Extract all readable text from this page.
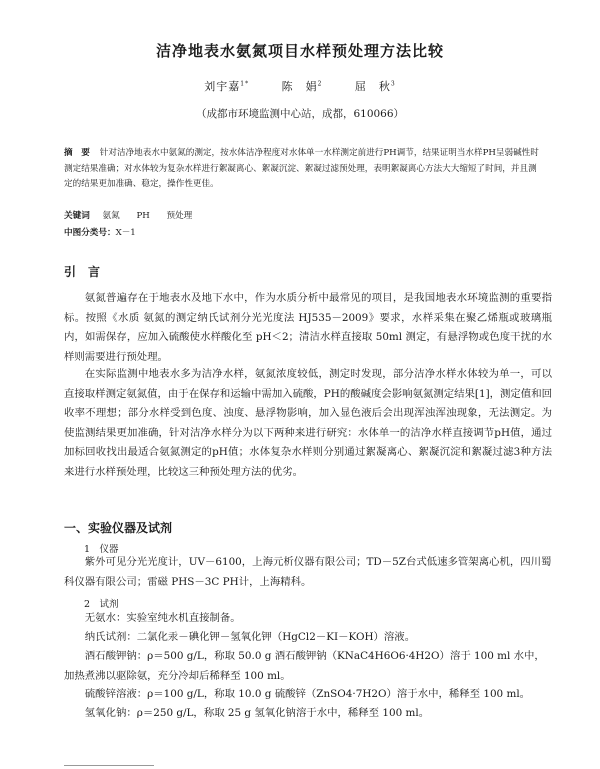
洁净地表水氨氮项目水样预处理方法比较
刘宇嘉$^{1*}$	陈　娟$^2$	屈　秋$^3$
（成都市环境监测中心站，成都，610066）
摘　要 针对洁净地表水中氨氮的测定，按水体洁净程度对水体单一水样测定前进行PH调节，结果证明当水样PH呈弱碱性时测定结果准确；对水体较为复杂水样进行絮凝离心、絮凝沉淀、絮凝过滤预处理，表明絮凝离心方法大大缩短了时间，并且测定的结果更加准确、稳定，操作性更佳。
关键词 氨氮 PH 预处理
中图分类号：X－1
引　言
氨氮普遍存在于地表水及地下水中，作为水质分析中最常见的项目，是我国地表水环境监测的重要指标。按照《水质 氨氮的测定纳氏试剂分光光度法 HJ535－2009》要求，水样采集在聚乙烯瓶或玻璃瓶内，如需保存，应加入硫酸使水样酸化至 pH＜2；清洁水样直接取 50ml 测定，有悬浮物或色度干扰的水样则需要进行预处理。
在实际监测中地表水多为洁净水样，氨氮浓度较低，测定时发现，部分洁净水样水体较为单一，可以直接取样测定氨氮值，由于在保存和运输中需加入硫酸，PH的酸碱度会影响氨氮测定结果[1]，测定值和回收率不理想；部分水样受到色度、浊度、悬浮物影响，加入显色液后会出现浑浊浑浊现象，无法测定。为使监测结果更加准确，针对洁净水样分为以下两种来进行研究：水体单一的洁净水样直接调节pH值，通过加标回收找出最适合氨氮测定的pH值；水体复杂水样则分别通过絮凝离心、絮凝沉淀和絮凝过滤3种方法来进行水样预处理，比较这三种预处理方法的优劣。
一、实验仪器及试剂
1　仪器
紫外可见分光光度计，UV－6100，上海元析仪器有限公司；TD－5Z台式低速多管架离心机，四川蜀科仪器有限公司；雷磁 PHS－3C PH计，上海精科。
2　试剂
无氨水：实验室纯水机直接制备。
纳氏试剂：二氯化汞－碘化钾－氢氧化钾（HgCl2－KI－KOH）溶液。
酒石酸钾钠：ρ＝500 g/L，称取 50.0 g 酒石酸钾钠（KNaC4H6O6·4H2O）溶于 100 ml 水中，加热煮沸以驱除氨，充分冷却后稀释至 100 ml。
硫酸锌溶液：ρ＝100 g/L，称取 10.0 g 硫酸锌（ZnSO4·7H2O）溶于水中，稀释至 100 ml。
氢氧化钠：ρ＝250 g/L，称取 25 g 氢氧化钠溶于水中，稀释至 100 ml。
